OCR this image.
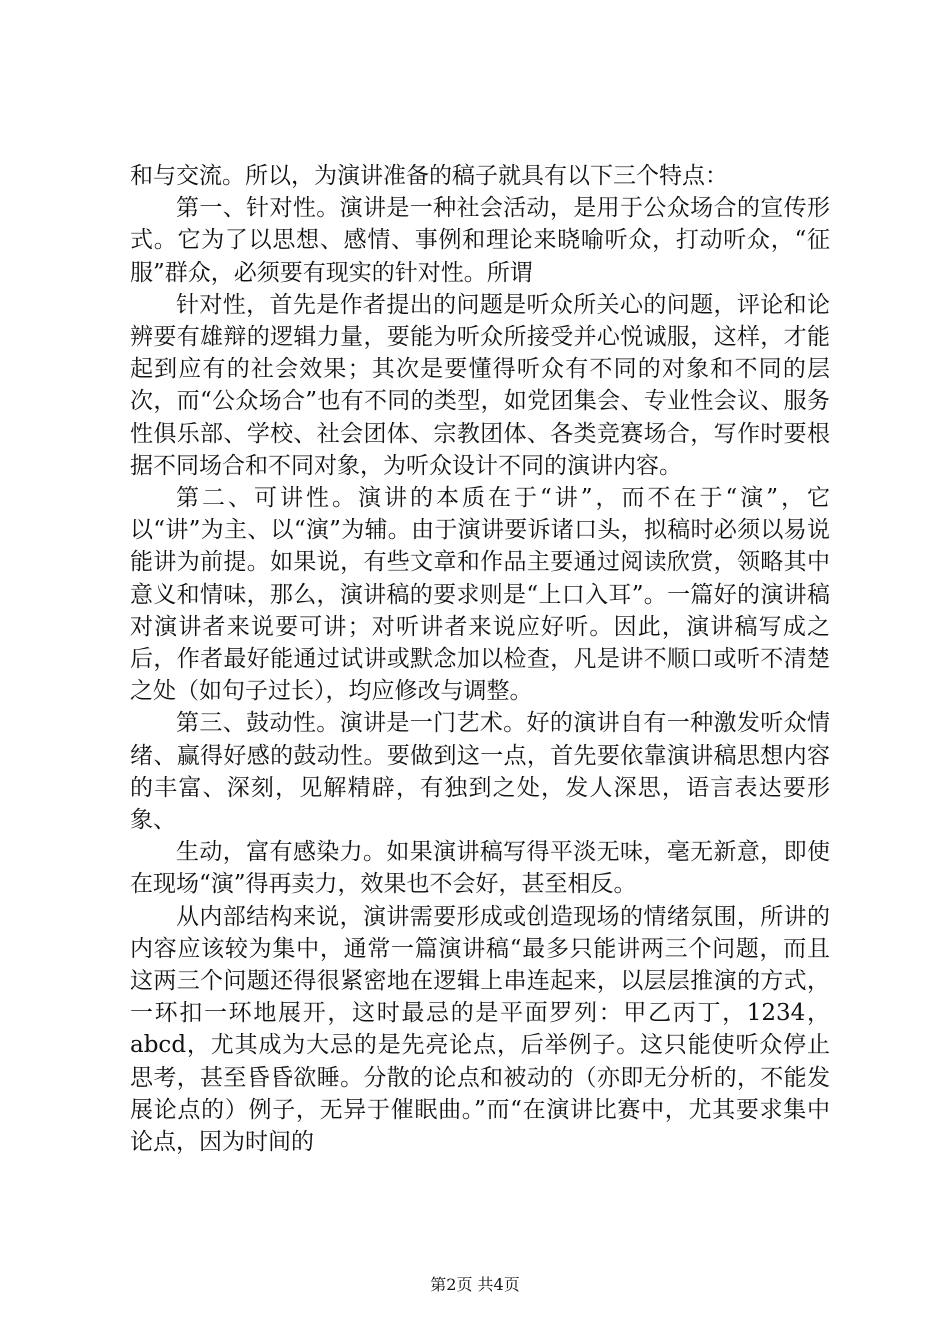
和与交流。所以，为演讲准备的稿子就具有以下三个特点：

第一、针对性。演讲是一种社会活动，是用于公众场合的宣传形式。它为了以思想、感情、事例和理论来晓喻听众，打动听众，“征服”群众，必须要有现实的针对性。所谓

针对性，首先是作者提出的问题是听众所关心的问题，评论和论辨要有雄辩的逻辑力量，要能为听众所接受并心悦诚服，这样，才能起到应有的社会效果；其次是要懂得听众有不同的对象和不同的层次，而“公众场合”也有不同的类型，如党团集会、专业性会议、服务性俱乐部、学校、社会团体、宗教团体、各类竞赛场合，写作时要根据不同场合和不同对象，为听众设计不同的演讲内容。

第二、可讲性。演讲的本质在于“讲”，而不在于“演”，它以“讲”为主、以“演”为辅。由于演讲要诉诸口头，拟稿时必须以易说能讲为前提。如果说，有些文章和作品主要通过阅读欣赏，领略其中意义和情味，那么，演讲稿的要求则是“上口入耳”。一篇好的演讲稿对演讲者来说要可讲；对听讲者来说应好听。因此，演讲稿写成之后，作者最好能通过试讲或默念加以检查，凡是讲不顺口或听不清楚之处（如句子过长），均应修改与调整。

第三、鼓动性。演讲是一门艺术。好的演讲自有一种激发听众情绪、赢得好感的鼓动性。要做到这一点，首先要依靠演讲稿思想内容的丰富、深刻，见解精辟，有独到之处，发人深思，语言表达要形象、

生动，富有感染力。如果演讲稿写得平淡无味，毫无新意，即使在现场“演”得再卖力，效果也不会好，甚至相反。

从内部结构来说，演讲需要形成或创造现场的情绪氛围，所讲的内容应该较为集中，通常一篇演讲稿“最多只能讲两三个问题，而且这两三个问题还得很紧密地在逻辑上串连起来，以层层推演的方式，一环扣一环地展开，这时最忌的是平面罗列：甲乙丙丁，1234，abcd，尤其成为大忌的是先亮论点，后举例子。这只能使听众停止思考，甚至昏昏欲睡。分散的论点和被动的（亦即无分析的，不能发展论点的）例子，无异于催眠曲。”而“在演讲比赛中，尤其要求集中论点，因为时间的

第2页 共4页
